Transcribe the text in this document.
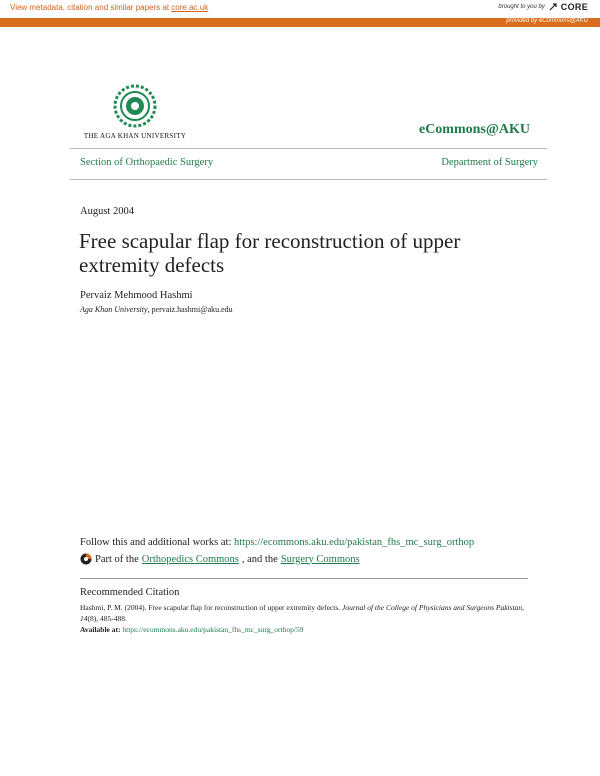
View metadata, citation and similar papers at core.ac.uk	brought to you by CORE
provided by eCommons@AKU
THE AGA KHAN UNIVERSITY	eCommons@AKU
Section of Orthopaedic Surgery	Department of Surgery
August 2004
Free scapular flap for reconstruction of upper extremity defects
Pervaiz Mehmood Hashmi
Aga Khan University, pervaiz.hashmi@aku.edu
Follow this and additional works at: https://ecommons.aku.edu/pakistan_fhs_mc_surg_orthop
Part of the Orthopedics Commons , and the Surgery Commons
Recommended Citation
Hashmi, P. M. (2004). Free scapular flap for reconstruction of upper extremity defects. Journal of the College of Physicians and Surgeons Pakistan, 14(8), 485-488.
Available at: https://ecommons.aku.edu/pakistan_fhs_mc_surg_orthop/59
